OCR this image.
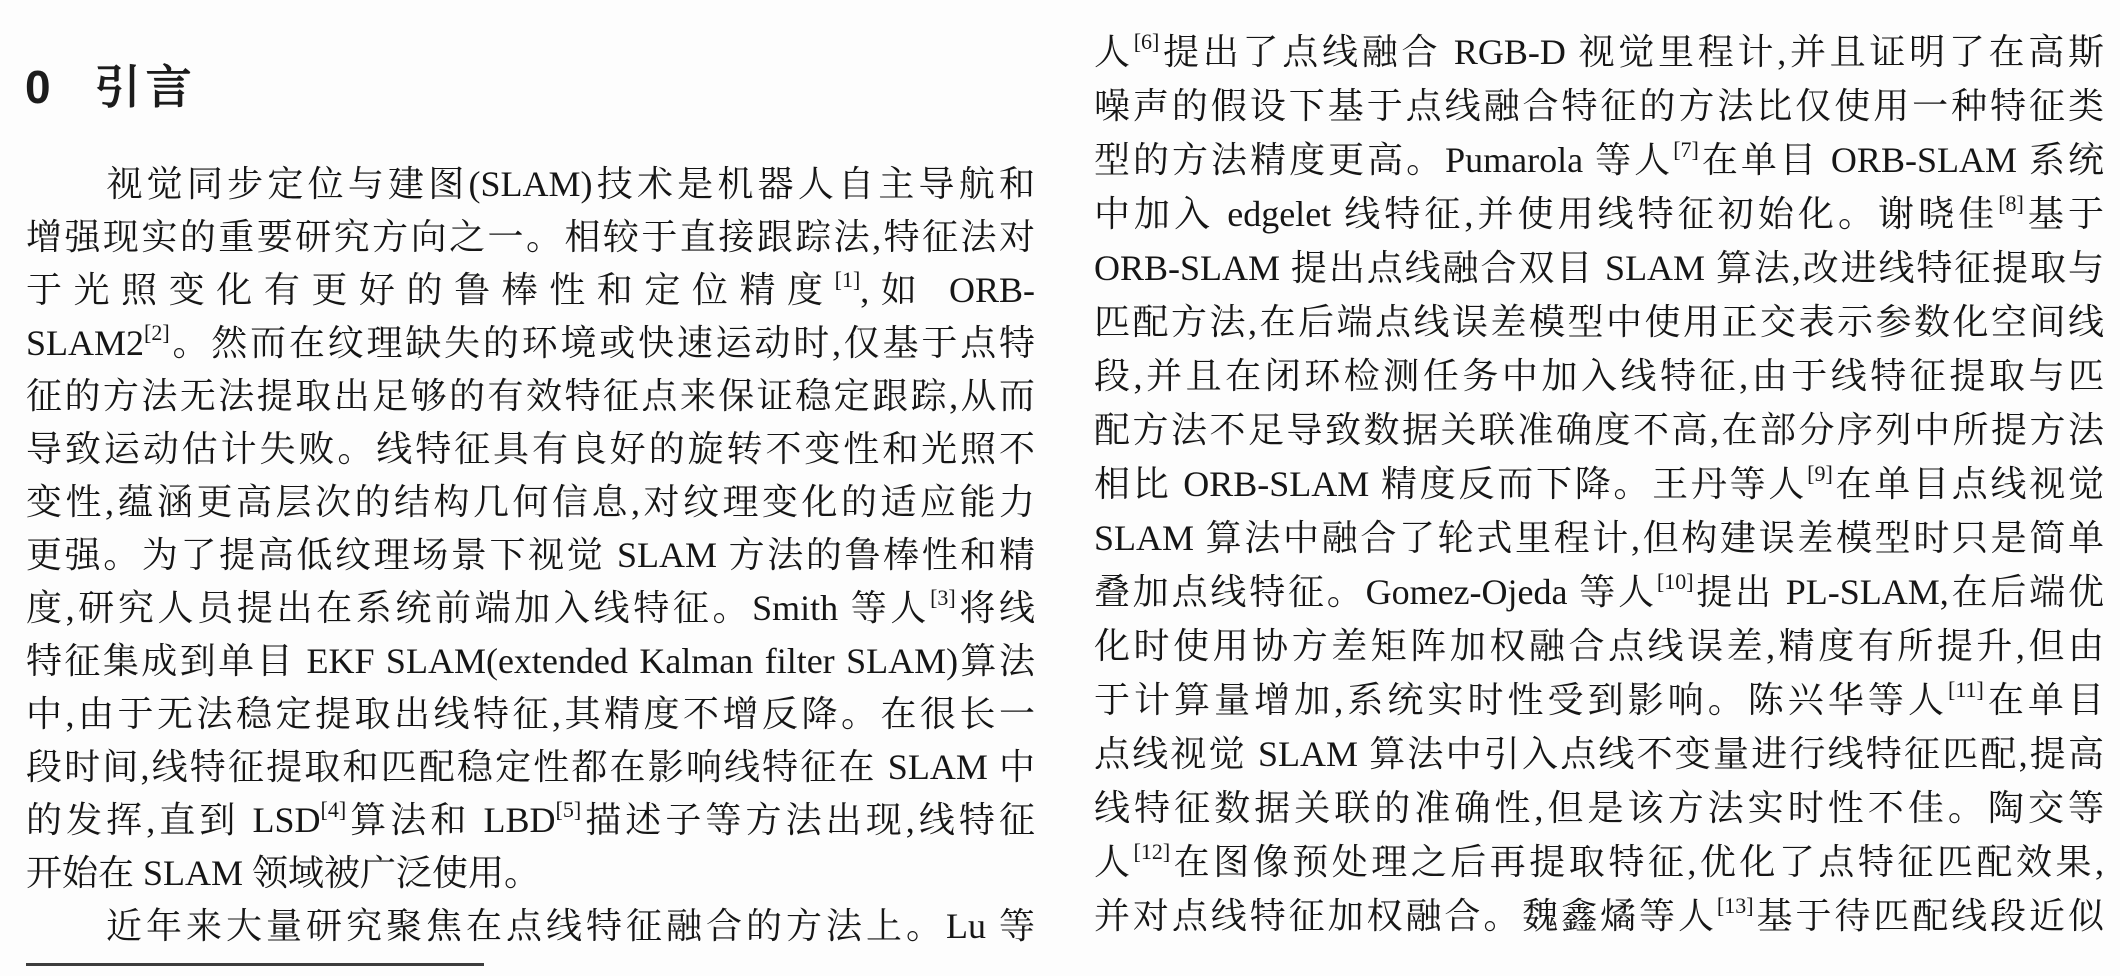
0 引言
　　视觉同步定位与建图(SLAM)技术是机器人自主导航和
增强现实的重要研究方向之一。相较于直接跟踪法,特征法对
于光照变化有更好的鲁棒性和定位精度[1],如 ORB-
SLAM2[2]。然而在纹理缺失的环境或快速运动时,仅基于点特
征的方法无法提取出足够的有效特征点来保证稳定跟踪,从而
导致运动估计失败。线特征具有良好的旋转不变性和光照不
变性,蕴涵更高层次的结构几何信息,对纹理变化的适应能力
更强。为了提高低纹理场景下视觉 SLAM 方法的鲁棒性和精
度,研究人员提出在系统前端加入线特征。Smith 等人[3]将线
特征集成到单目 EKF SLAM(extended Kalman filter SLAM)算法
中,由于无法稳定提取出线特征,其精度不增反降。在很长一
段时间,线特征提取和匹配稳定性都在影响线特征在 SLAM 中
的发挥,直到 LSD[4]算法和 LBD[5]描述子等方法出现,线特征
开始在 SLAM 领域被广泛使用。
　　近年来大量研究聚焦在点线特征融合的方法上。Lu 等
人[6]提出了点线融合 RGB-D 视觉里程计,并且证明了在高斯
噪声的假设下基于点线融合特征的方法比仅使用一种特征类
型的方法精度更高。Pumarola 等人[7]在单目 ORB-SLAM 系统
中加入 edgelet 线特征,并使用线特征初始化。谢晓佳[8]基于
ORB-SLAM 提出点线融合双目 SLAM 算法,改进线特征提取与
匹配方法,在后端点线误差模型中使用正交表示参数化空间线
段,并且在闭环检测任务中加入线特征,由于线特征提取与匹
配方法不足导致数据关联准确度不高,在部分序列中所提方法
相比 ORB-SLAM 精度反而下降。王丹等人[9]在单目点线视觉
SLAM 算法中融合了轮式里程计,但构建误差模型时只是简单
叠加点线特征。Gomez-Ojeda 等人[10]提出 PL-SLAM,在后端优
化时使用协方差矩阵加权融合点线误差,精度有所提升,但由
于计算量增加,系统实时性受到影响。陈兴华等人[11]在单目
点线视觉 SLAM 算法中引入点线不变量进行线特征匹配,提高
线特征数据关联的准确性,但是该方法实时性不佳。陶交等
人[12]在图像预处理之后再提取特征,优化了点特征匹配效果,
并对点线特征加权融合。魏鑫燏等人[13]基于待匹配线段近似
